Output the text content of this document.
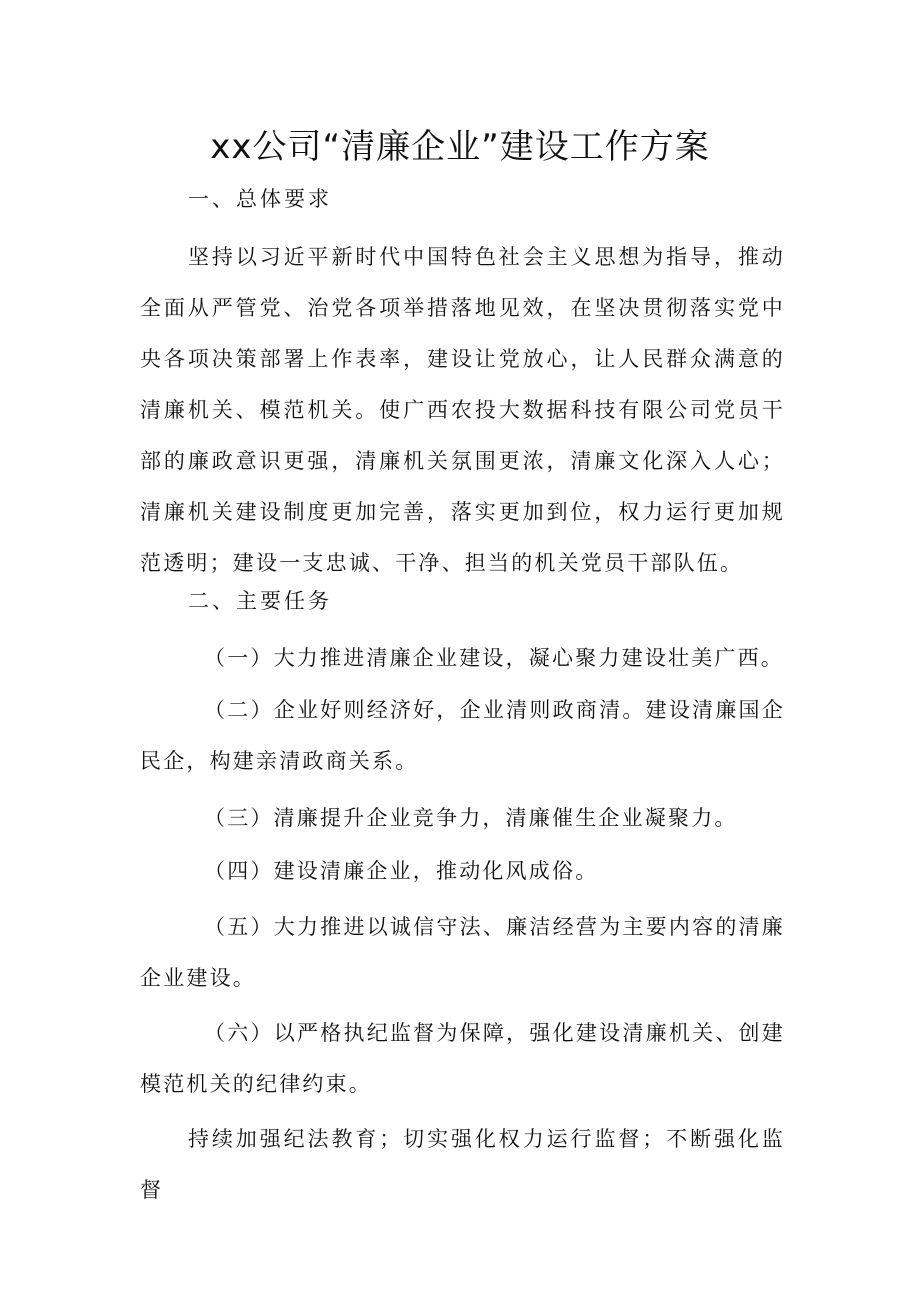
xx公司“清廉企业”建设工作方案
一、总体要求

坚持以习近平新时代中国特色社会主义思想为指导，推动全面从严管党、治党各项举措落地见效，在坚决贯彻落实党中央各项决策部署上作表率，建设让党放心，让人民群众满意的清廉机关、模范机关。使广西农投大数据科技有限公司党员干部的廉政意识更强，清廉机关氛围更浓，清廉文化深入人心；清廉机关建设制度更加完善，落实更加到位，权力运行更加规范透明；建设一支忠诚、干净、担当的机关党员干部队伍。

二、主要任务

（一）大力推进清廉企业建设，凝心聚力建设壮美广西。

（二）企业好则经济好，企业清则政商清。建设清廉国企民企，构建亲清政商关系。

（三）清廉提升企业竞争力，清廉催生企业凝聚力。

（四）建设清廉企业，推动化风成俗。

（五）大力推进以诚信守法、廉洁经营为主要内容的清廉企业建设。

（六）以严格执纪监督为保障，强化建设清廉机关、创建模范机关的纪律约束。

持续加强纪法教育；切实强化权力运行监督；不断强化监督
